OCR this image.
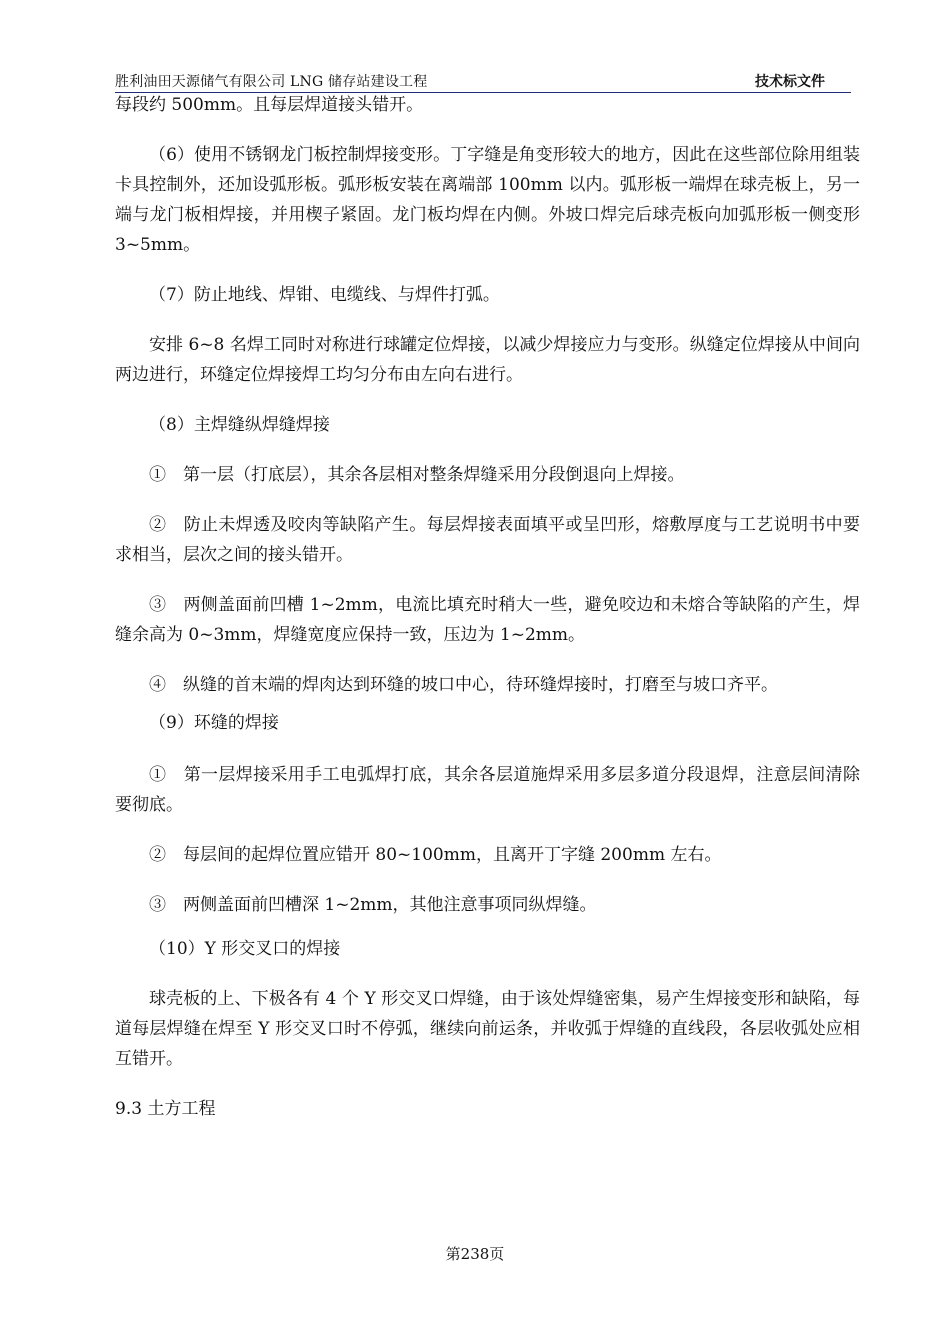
胜利油田天源储气有限公司 LNG 储存站建设工程	技术标文件

每段约 500mm。且每层焊道接头错开。

（6）使用不锈钢龙门板控制焊接变形。丁字缝是角变形较大的地方，因此在这些部位除用组装卡具控制外，还加设弧形板。弧形板安装在离端部 100mm 以内。弧形板一端焊在球壳板上，另一端与龙门板相焊接，并用楔子紧固。龙门板均焊在内侧。外坡口焊完后球壳板向加弧形板一侧变形 3~5mm。

（7）防止地线、焊钳、电缆线、与焊件打弧。

安排 6~8 名焊工同时对称进行球罐定位焊接，以减少焊接应力与变形。纵缝定位焊接从中间向两边进行，环缝定位焊接焊工均匀分布由左向右进行。

（8）主焊缝纵焊缝焊接

①　第一层（打底层），其余各层相对整条焊缝采用分段倒退向上焊接。

②　防止未焊透及咬肉等缺陷产生。每层焊接表面填平或呈凹形，熔敷厚度与工艺说明书中要求相当，层次之间的接头错开。

③　两侧盖面前凹槽 1~2mm，电流比填充时稍大一些，避免咬边和未熔合等缺陷的产生，焊缝余高为 0~3mm，焊缝宽度应保持一致，压边为 1~2mm。

④　纵缝的首末端的焊肉达到环缝的坡口中心，待环缝焊接时，打磨至与坡口齐平。

（9）环缝的焊接

①　第一层焊接采用手工电弧焊打底，其余各层道施焊采用多层多道分段退焊，注意层间清除要彻底。

②　每层间的起焊位置应错开 80~100mm，且离开丁字缝 200mm 左右。

③　两侧盖面前凹槽深 1~2mm，其他注意事项同纵焊缝。

（10）Y 形交叉口的焊接

球壳板的上、下极各有 4 个 Y 形交叉口焊缝，由于该处焊缝密集，易产生焊接变形和缺陷，每道每层焊缝在焊至 Y 形交叉口时不停弧，继续向前运条，并收弧于焊缝的直线段，各层收弧处应相互错开。

9.3 土方工程

第238页
